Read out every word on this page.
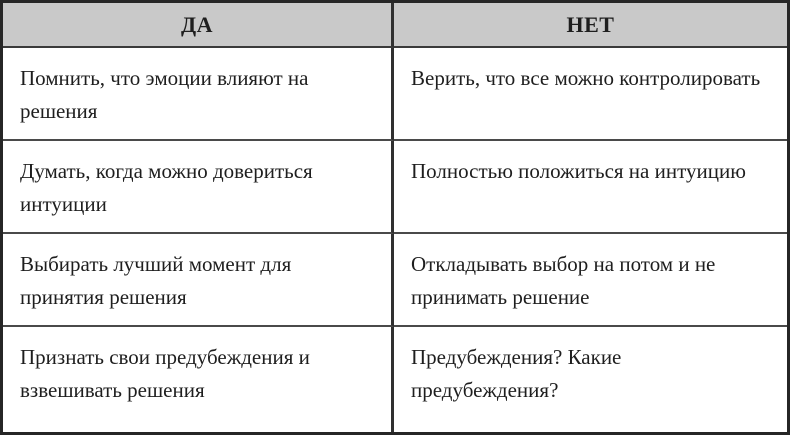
ДА	НЕТ
Помнить, что эмоции влияют на решения
Верить, что все можно контролировать
Думать, когда можно довериться интуиции
Полностью положиться на интуицию
Выбирать лучший момент для принятия решения
Откладывать выбор на потом и не принимать решение
Признать свои предубеждения и взвешивать решения
Предубеждения? Какие предубеждения?
